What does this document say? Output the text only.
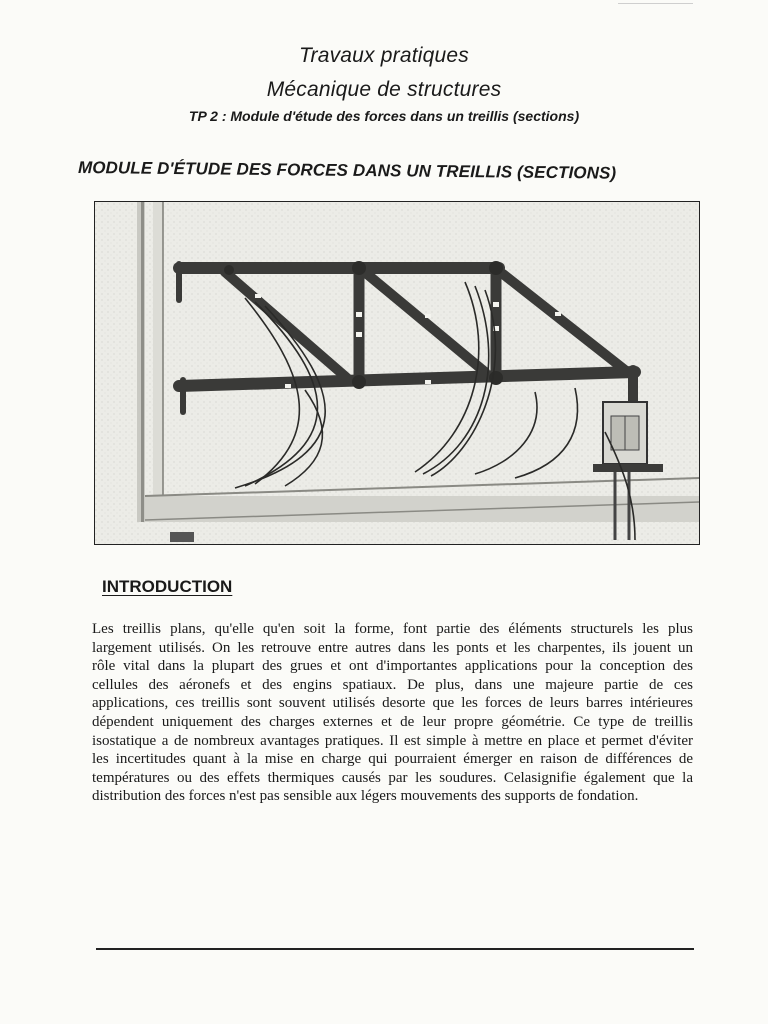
Travaux pratiques
Mécanique de structures
TP 2 : Module d'étude des forces dans un treillis (sections)
MODULE D'ÉTUDE DES FORCES DANS UN TREILLIS (SECTIONS)
INTRODUCTION
Les treillis plans, qu'elle qu'en soit la forme, font partie des éléments structurels les plus
largement utilisés. On les retrouve entre autres dans les ponts et les charpentes, ils jouent un
rôle vital dans la plupart des grues et ont d'importantes applications pour la conception des
cellules des aéronefs et des engins spatiaux. De plus, dans une majeure partie de ces
applications, ces treillis sont souvent utilisés desorte que les forces de leurs barres intérieures
dépendent uniquement des charges externes et de leur propre géométrie. Ce type de treillis
isostatique a de nombreux avantages pratiques. Il est simple à mettre en place et permet d'éviter
les incertitudes quant à la mise en charge qui pourraient émerger en raison de différences de
températures ou des effets thermiques causés par les soudures. Celasignifie également que la
distribution des forces n'est pas sensible aux légers mouvements des supports de fondation.
